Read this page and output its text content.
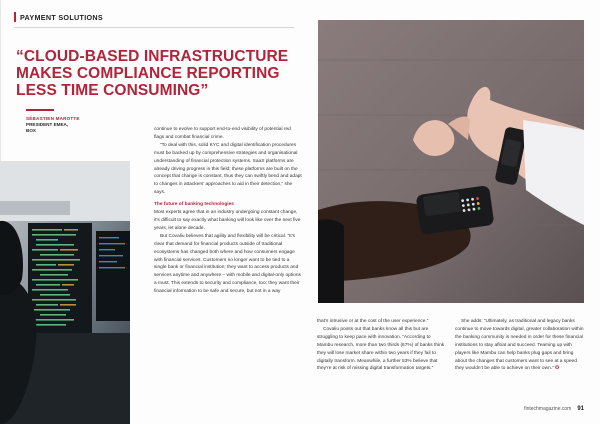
PAYMENT SOLUTIONS
“CLOUD-BASED INFRASTRUCTURE MAKES COMPLIANCE REPORTING LESS TIME CONSUMING”
SÉBASTIEN MAROTTE
PRESIDENT EMEA,
BOX	continue to evolve to support end-to-end visibility of potential red flags and combat financial crime.

“To deal with this, solid KYC and digital identification procedures must be backed up by comprehensive strategies and organisational understanding of financial protection systems. SaaS platforms are already driving progress in this field; these platforms are built on the concept that change is constant, thus they can swiftly bend and adapt to changes in attackers’ approaches to aid in their detection,” she says.

The future of banking technologies

Most experts agree that in an industry undergoing constant change, it’s difficult to say exactly what banking will look like over the next five years, let alone decade.

But Covaliu believes that agility and flexibility will be critical. “It’s clear that demand for financial products outside of traditional ecosystems has changed both where and how consumers engage with financial services. Customers no longer want to be tied to a single bank or financial institution; they want to access products and services anytime and anywhere – with mobile and digital-only options a must. This extends to security and compliance, too; they want their financial information to be safe and secure, but not in a way

that’s intrusive or at the cost of the user experience.”

Covaliu points out that banks know all this but are struggling to keep pace with innovation. “According to Mambu research, more than two thirds (67%) of banks think they will lose market share within two years if they fail to digitally transform. Meanwhile, a further 53% believe that they’re at risk of missing digital transformation targets.”

She adds: “Ultimately, as traditional and legacy banks continue to move towards digital, greater collaboration within the banking community is needed in order for these financial institutions to stay afloat and succeed. Teaming up with players like Mambu can help banks plug gaps and bring about the changes that customers want to see at a speed they wouldn’t be able to achieve on their own.” ✪

fintechmagazine.com 91
